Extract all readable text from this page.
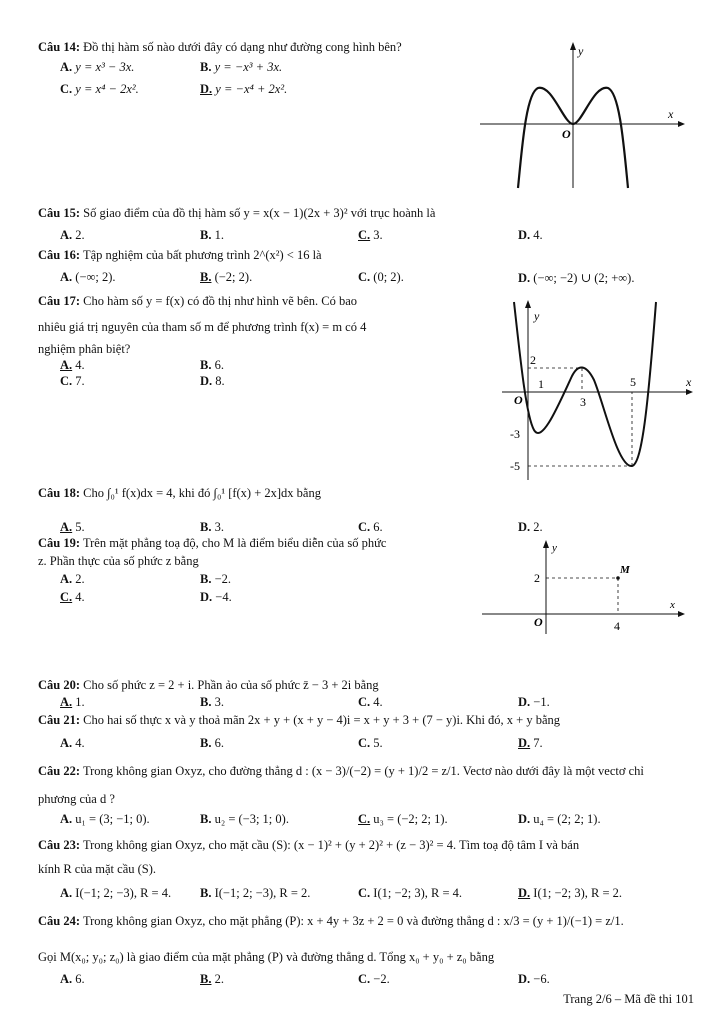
Câu 14: Đồ thị hàm số nào dưới đây có dạng như đường cong hình bên?
A. y = x³ − 3x.	B. y = −x³ + 3x.
C. y = x⁴ − 2x².	D. y = −x⁴ + 2x².
y
x
O
Câu 15: Số giao điểm của đồ thị hàm số y = x(x − 1)(2x + 3)² với trục hoành là
A. 2.	B. 1.	C. 3.	D. 4.
Câu 16: Tập nghiệm của bất phương trình 2^(x²) < 16 là
A. (−∞; 2).	B. (−2; 2).	C. (0; 2).	D. (−∞; −2) ∪ (2; +∞).
Câu 17: Cho hàm số y = f(x) có đồ thị như hình vẽ bên. Có bao
nhiêu giá trị nguyên của tham số m để phương trình f(x) = m có 4
nghiệm phân biệt?
A. 4.	B. 6.
C. 7.	D. 8.
y
x
O
1
3
5
2
-3
-5
Câu 18: Cho ∫₀¹ f(x)dx = 4, khi đó ∫₀¹ [f(x) + 2x]dx bằng
A. 5.	B. 3.	C. 6.	D. 2.
Câu 19: Trên mặt phẳng toạ độ, cho M là điểm biểu diễn của số phức
z. Phần thực của số phức z bằng
A. 2.	B. −2.
C. 4.	D. −4.
y
x
O
M
4
2
Câu 20: Cho số phức z = 2 + i. Phần ảo của số phức z̄ − 3 + 2i bằng
A. 1.	B. 3.	C. 4.	D. −1.
Câu 21: Cho hai số thực x và y thoả mãn 2x + y + (x + y − 4)i = x + y + 3 + (7 − y)i. Khi đó, x + y bằng
A. 4.	B. 6.	C. 5.	D. 7.
Câu 22: Trong không gian Oxyz, cho đường thẳng d : (x − 3)/(−2) = (y + 1)/2 = z/1. Vectơ nào dưới đây là một vectơ chỉ
phương của d ?
A. u₁ = (3; −1; 0).	B. u₂ = (−3; 1; 0).	C. u₃ = (−2; 2; 1).	D. u₄ = (2; 2; 1).
Câu 23: Trong không gian Oxyz, cho mặt cầu (S): (x − 1)² + (y + 2)² + (z − 3)² = 4. Tìm toạ độ tâm I và bán
kính R của mặt cầu (S).
A. I(−1; 2; −3), R = 4. B. I(−1; 2; −3), R = 2.	C. I(1; −2; 3), R = 4.	D. I(1; −2; 3), R = 2.
Câu 24: Trong không gian Oxyz, cho mặt phẳng (P): x + 4y + 3z + 2 = 0 và đường thẳng d : x/3 = (y + 1)/(−1) = z/1.
Gọi M(x₀; y₀; z₀) là giao điểm của mặt phẳng (P) và đường thẳng d. Tổng x₀ + y₀ + z₀ bằng
A. 6.	B. 2.	C. −2.	D. −6.
Trang 2/6 – Mã đề thi 101
